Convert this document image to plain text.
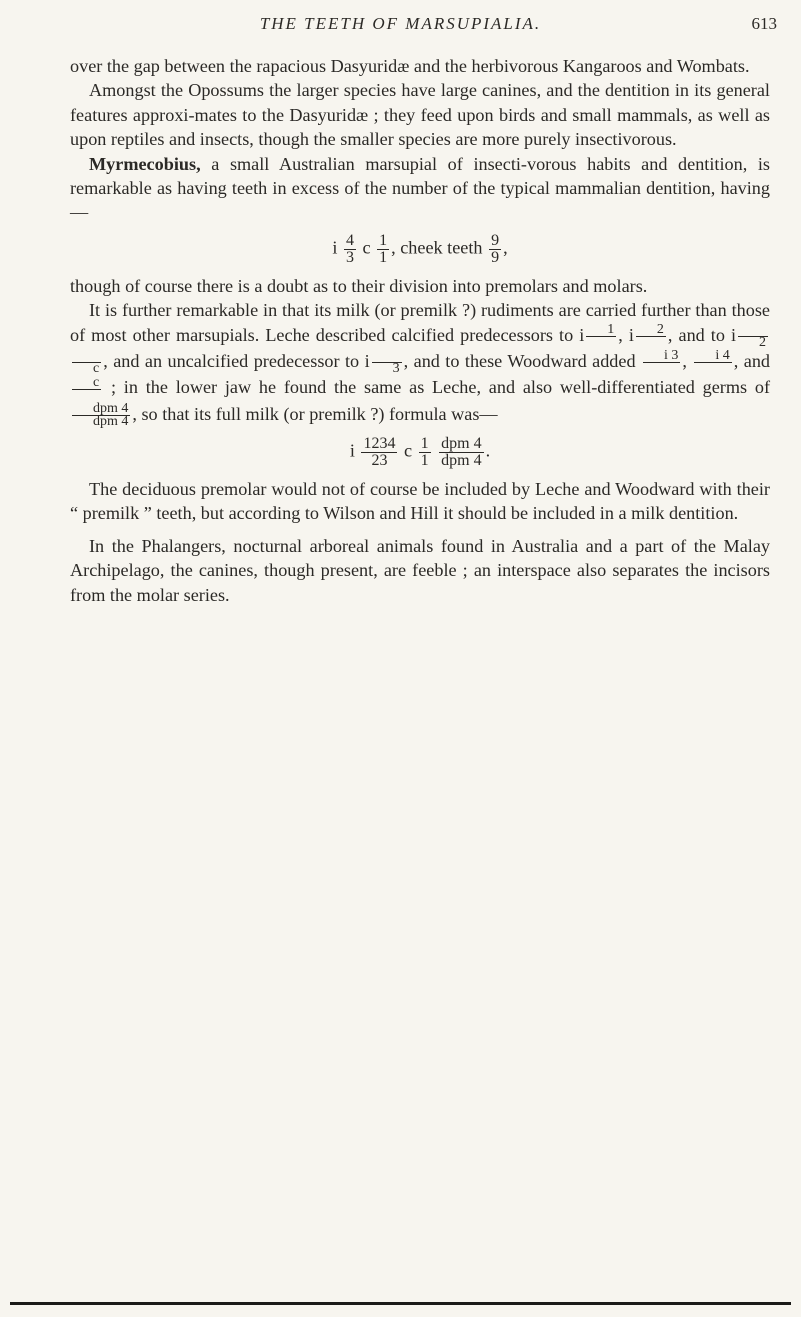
THE TEETH OF MARSUPIALIA.	613

over the gap between the rapacious Dasyuridæ and the herbivorous Kangaroos and Wombats.

Amongst the Opossums the larger species have large canines, and the dentition in its general features approxi-mates to the Dasyuridæ ; they feed upon birds and small mammals, as well as upon reptiles and insects, though the smaller species are more purely insectivorous.

Myrmecobius, a small Australian marsupial of insecti-vorous habits and dentition, is remarkable as having teeth in excess of the number of the typical mammalian dentition, having—

i $\frac{4}{3}$ c $\frac{1}{1}$ , cheek teeth $\frac{9}{9}$ ,

though of course there is a doubt as to their division into premolars and molars.

It is further remarkable in that its milk (or premilk ?) rudiments are carried further than those of most other marsupials. Leche described calcified predecessors to i	1
, i	2
, and to i
	2

c , and an uncalcified predecessor to i
	3 , and to these Woodward added	i 3
,	i 4
, and
c
; in the lower jaw he found the same as Leche, and also well-differentiated germs of
$\frac{\text{dpm 4}}{\text{dpm 4}}$ , so that its full milk (or premilk ?) formula was—

i $\frac{1234}{23}$ c $\frac{1}{1}$
$\frac{\text{dpm 4}}{\text{dpm 4}}$ .

The deciduous premolar would not of course be included by Leche and Woodward with their “ premilk ” teeth, but according to Wilson and Hill it should be included in a milk dentition.

In the Phalangers, nocturnal arboreal animals found in Australia and a part of the Malay Archipelago, the canines, though present, are feeble ; an interspace also separates the incisors from the molar series.
